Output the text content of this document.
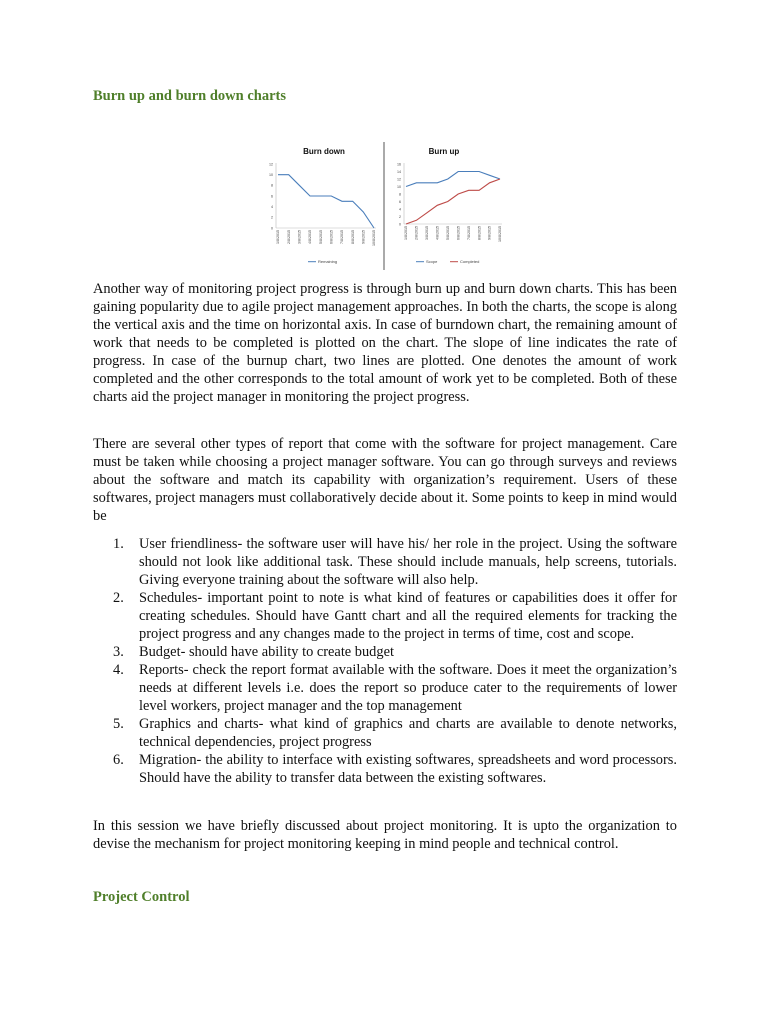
Burn up and burn down charts
Burn down
0
2
4
6
8
10
12
1/8/2015 2/8/2015 3/8/2015 4/8/2015 5/8/2015 6/8/2015 7/8/2015 8/8/2015 9/8/2015 10/8/2015
Remaining
Burn up
0
2
4
6
8
10
12
14
16
1/8/2015 2/8/2015 3/8/2015 4/8/2015 5/8/2015 6/8/2015 7/8/2015 8/8/2015 9/8/2015 10/8/2015
Scope	Completed

Another way of monitoring project progress is through burn up and burn down charts. This has been gaining popularity due to agile project management approaches. In both the charts, the scope is along the vertical axis and the time on horizontal axis. In case of burndown chart, the remaining amount of work that needs to be completed is plotted on the chart. The slope of line indicates the rate of progress. In case of the burnup chart, two lines are plotted. One denotes the amount of work completed and the other corresponds to the total amount of work yet to be completed. Both of these charts aid the project manager in monitoring the project progress.

There are several other types of report that come with the software for project management. Care must be taken while choosing a project manager software. You can go through surveys and reviews about the software and match its capability with organization’s requirement. Users of these softwares, project managers must collaboratively decide about it. Some points to keep in mind would be

1. User friendliness- the software user will have his/ her role in the project. Using the software should not look like additional task. These should include manuals, help screens, tutorials. Giving everyone training about the software will also help.
2. Schedules- important point to note is what kind of features or capabilities does it offer for creating schedules. Should have Gantt chart and all the required elements for tracking the project progress and any changes made to the project in terms of time, cost and scope.
3. Budget- should have ability to create budget
4. Reports- check the report format available with the software. Does it meet the organization’s needs at different levels i.e. does the report so produce cater to the requirements of lower level workers, project manager and the top management
5. Graphics and charts- what kind of graphics and charts are available to denote networks, technical dependencies, project progress
6. Migration- the ability to interface with existing softwares, spreadsheets and word processors. Should have the ability to transfer data between the existing softwares.

In this session we have briefly discussed about project monitoring. It is upto the organization to devise the mechanism for project monitoring keeping in mind people and technical control.

Project Control
